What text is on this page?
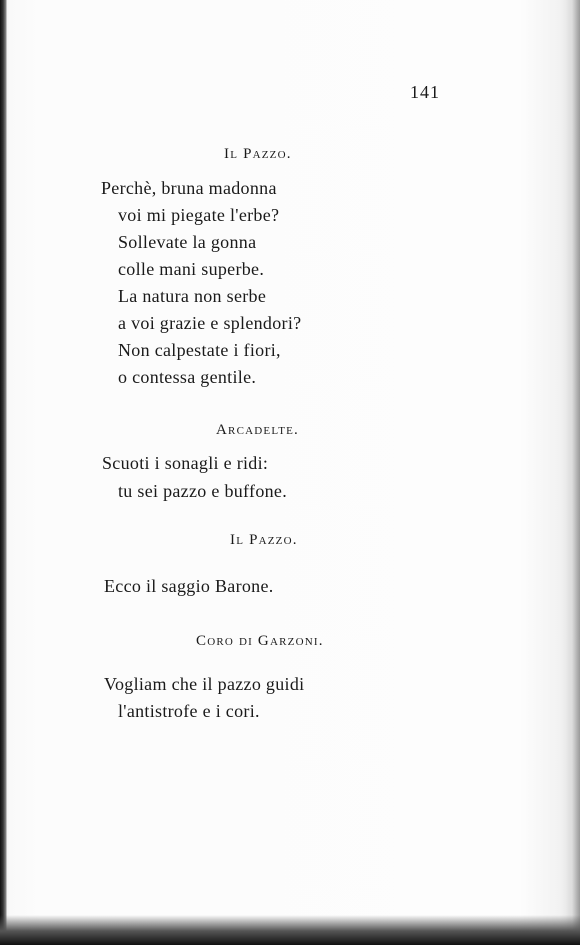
141
Il Pazzo.
Perchè, bruna madonna
voi mi piegate l'erbe?
Sollevate la gonna
colle mani superbe.
La natura non serbe
a voi grazie e splendori?
Non calpestate i fiori,
o contessa gentile.
Arcadelte.
Scuoti i sonagli e ridi:
tu sei pazzo e buffone.
Il Pazzo.
Ecco il saggio Barone.
Coro di Garzoni.
Vogliam che il pazzo guidi
l'antistrofe e i cori.
